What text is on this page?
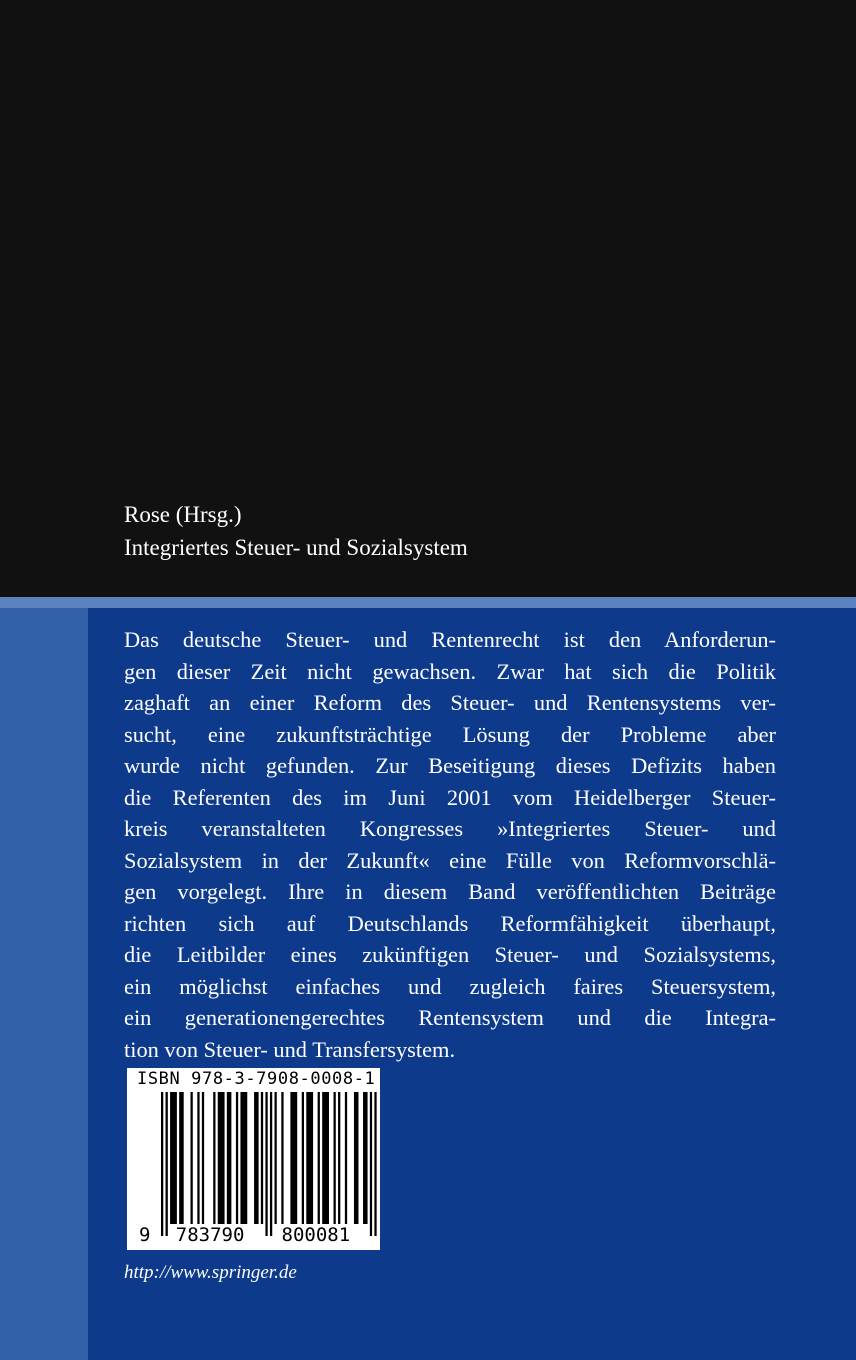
Rose (Hrsg.)
Integriertes Steuer- und Sozialsystem

Das deutsche Steuer- und Rentenrecht ist den Anforderun-
gen dieser Zeit nicht gewachsen. Zwar hat sich die Politik
zaghaft an einer Reform des Steuer- und Rentensystems ver-
sucht, eine zukunftsträchtige Lösung der Probleme aber
wurde nicht gefunden. Zur Beseitigung dieses Defizits haben
die Referenten des im Juni 2001 vom Heidelberger Steuer-
kreis veranstalteten Kongresses »Integriertes Steuer- und
Sozialsystem in der Zukunft« eine Fülle von Reformvorschlä-
gen vorgelegt. Ihre in diesem Band veröffentlichten Beiträge
richten sich auf Deutschlands Reformfähigkeit überhaupt,
die Leitbilder eines zukünftigen Steuer- und Sozialsystems,
ein möglichst einfaches und zugleich faires Steuersystem,
ein generationengerechtes Rentensystem und die Integra-
tion von Steuer- und Transfersystem.

ISBN 978-3-7908-0008-1
9 783790 800081
http://www.springer.de
